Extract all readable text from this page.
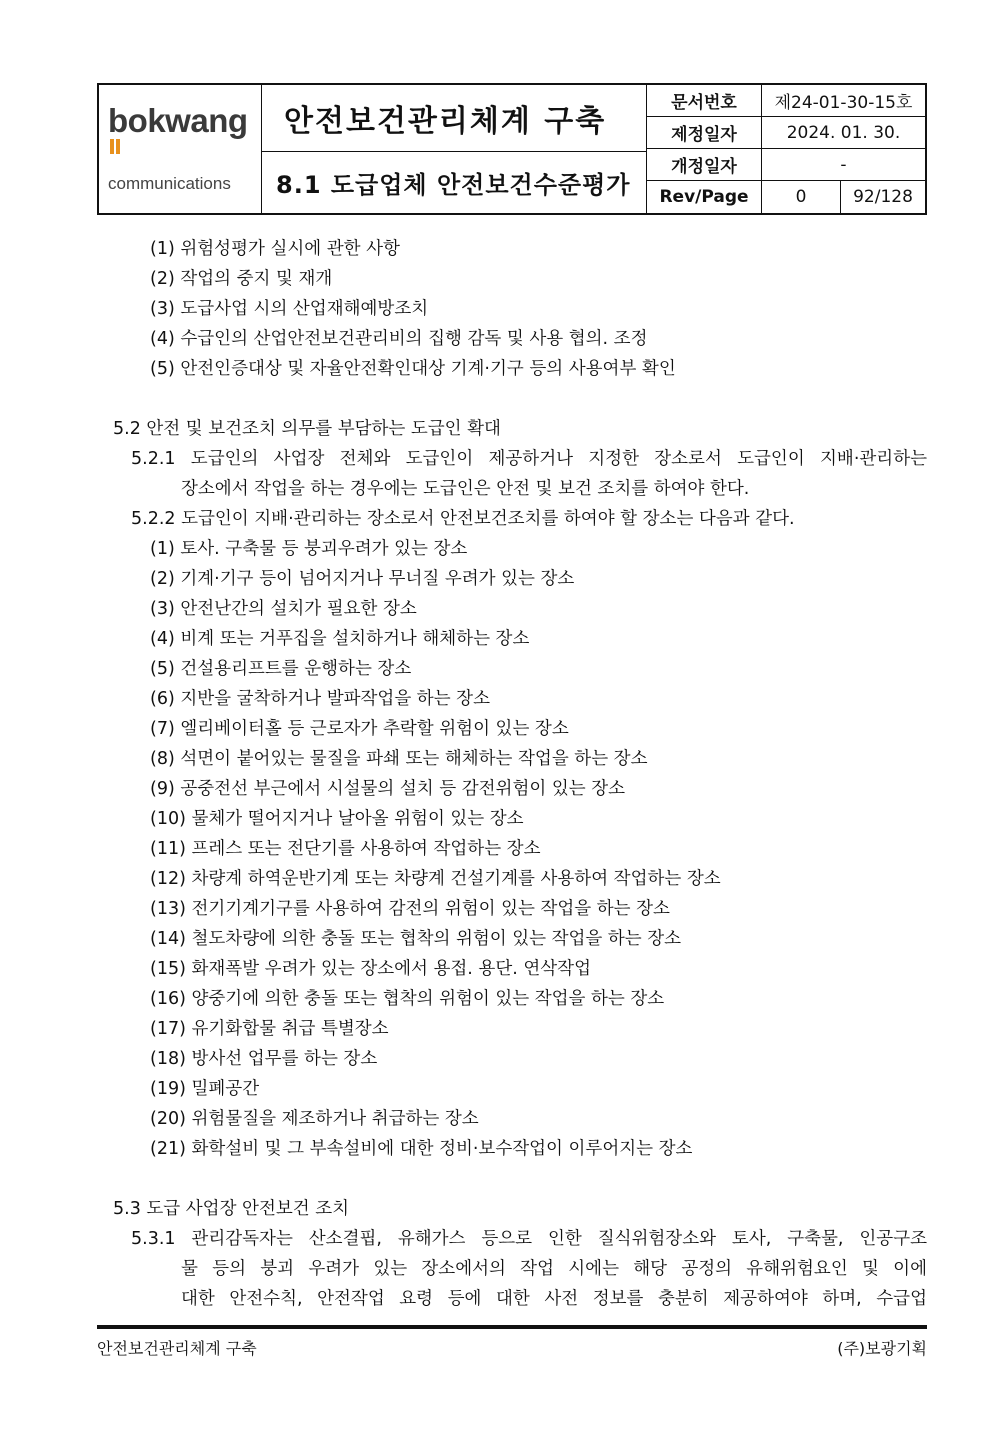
bokwang
communications
안전보건관리체계 구축
8.1 도급업체 안전보건수준평가
문서번호	제24-01-30-15호
제정일자	2024. 01. 30.
개정일자	-
Rev/Page	0	92/128
(1) 위험성평가 실시에 관한 사항
(2) 작업의 중지 및 재개
(3) 도급사업 시의 산업재해예방조치
(4) 수급인의 산업안전보건관리비의 집행 감독 및 사용 협의. 조정
(5) 안전인증대상 및 자율안전확인대상 기계·기구 등의 사용여부 확인
5.2 안전 및 보건조치 의무를 부담하는 도급인 확대
5.2.1 도급인의 사업장 전체와 도급인이 제공하거나 지정한 장소로서 도급인이 지배·관리하는
장소에서 작업을 하는 경우에는 도급인은 안전 및 보건 조치를 하여야 한다.
5.2.2 도급인이 지배·관리하는 장소로서 안전보건조치를 하여야 할 장소는 다음과 같다.
(1) 토사. 구축물 등 붕괴우려가 있는 장소
(2) 기계·기구 등이 넘어지거나 무너질 우려가 있는 장소
(3) 안전난간의 설치가 필요한 장소
(4) 비계 또는 거푸집을 설치하거나 해체하는 장소
(5) 건설용리프트를 운행하는 장소
(6) 지반을 굴착하거나 발파작업을 하는 장소
(7) 엘리베이터홀 등 근로자가 추락할 위험이 있는 장소
(8) 석면이 붙어있는 물질을 파쇄 또는 해체하는 작업을 하는 장소
(9) 공중전선 부근에서 시설물의 설치 등 감전위험이 있는 장소
(10) 물체가 떨어지거나 날아올 위험이 있는 장소
(11) 프레스 또는 전단기를 사용하여 작업하는 장소
(12) 차량계 하역운반기계 또는 차량계 건설기계를 사용하여 작업하는 장소
(13) 전기기계기구를 사용하여 감전의 위험이 있는 작업을 하는 장소
(14) 철도차량에 의한 충돌 또는 협착의 위험이 있는 작업을 하는 장소
(15) 화재폭발 우려가 있는 장소에서 용접. 용단. 연삭작업
(16) 양중기에 의한 충돌 또는 협착의 위험이 있는 작업을 하는 장소
(17) 유기화합물 취급 특별장소
(18) 방사선 업무를 하는 장소
(19) 밀폐공간
(20) 위험물질을 제조하거나 취급하는 장소
(21) 화학설비 및 그 부속설비에 대한 정비·보수작업이 이루어지는 장소
5.3 도급 사업장 안전보건 조치
5.3.1 관리감독자는 산소결핍, 유해가스 등으로 인한 질식위험장소와 토사, 구축물, 인공구조
물 등의 붕괴 우려가 있는 장소에서의 작업 시에는 해당 공정의 유해위험요인 및 이에
대한 안전수칙, 안전작업 요령 등에 대한 사전 정보를 충분히 제공하여야 하며, 수급업
안전보건관리체계 구축	(주)보광기획
